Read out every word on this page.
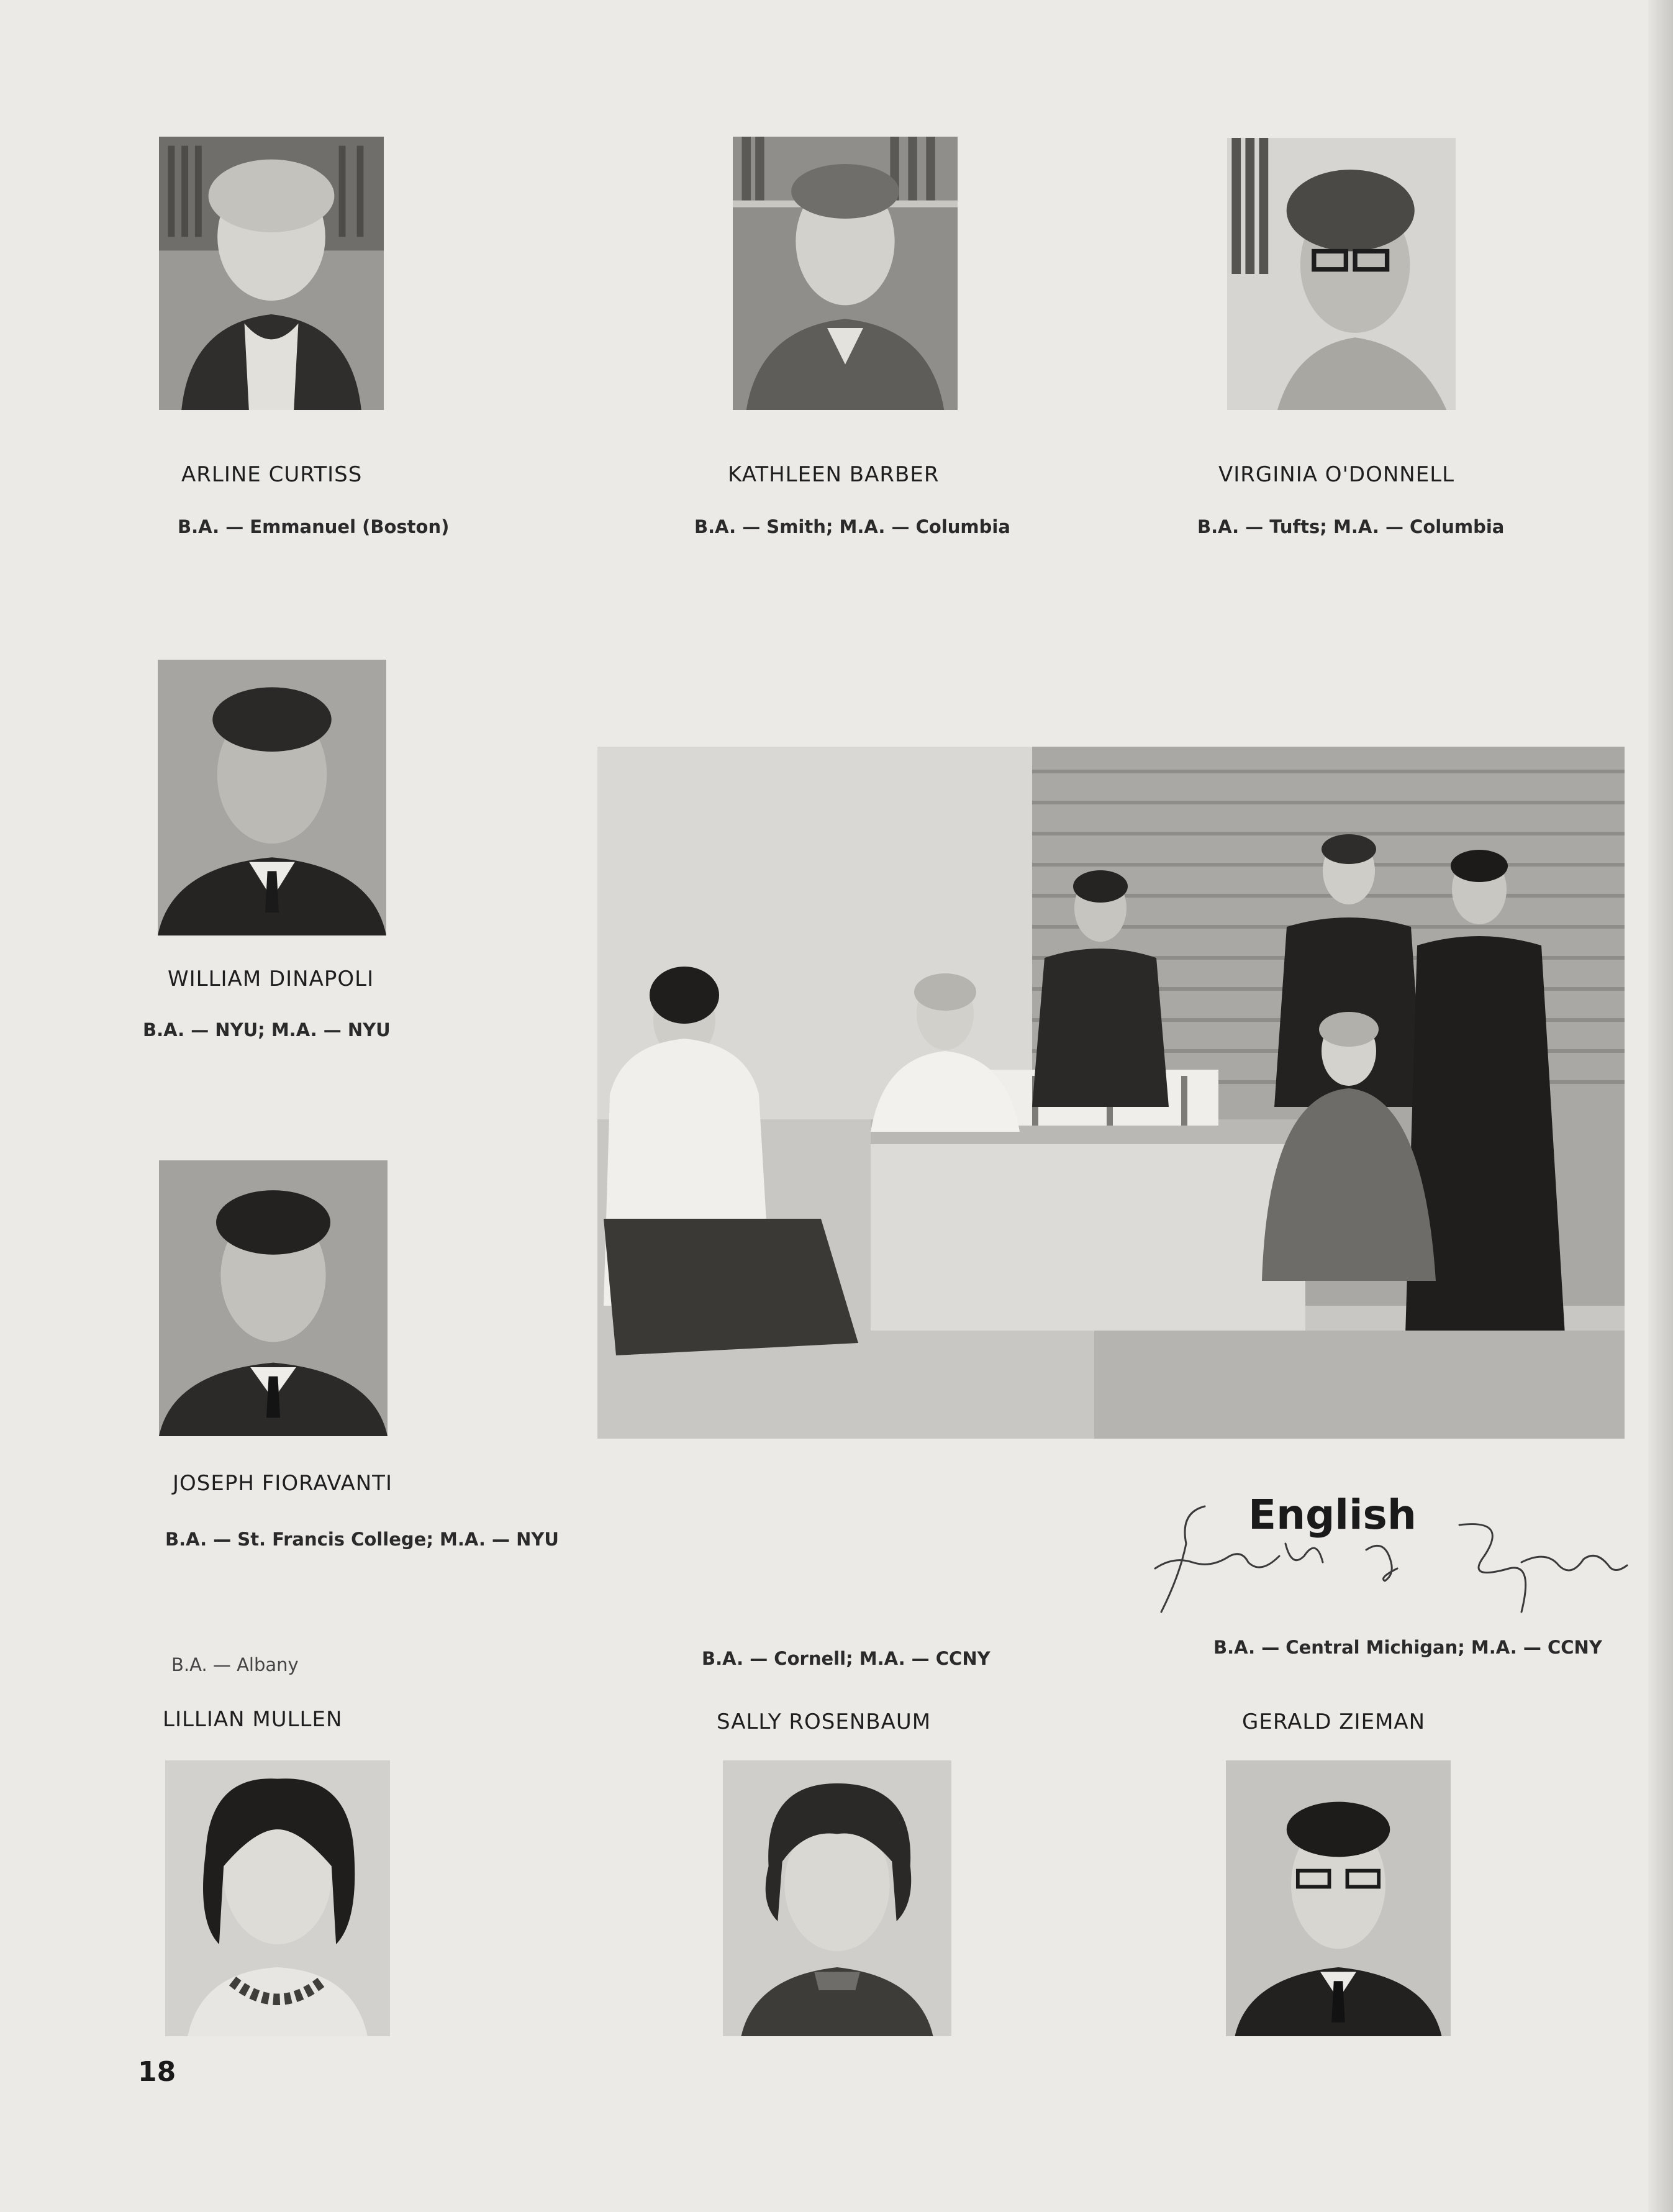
ARLINE CURTISS
B.A. — Emmanuel (Boston)
KATHLEEN BARBER
B.A. — Smith; M.A. — Columbia
VIRGINIA O'DONNELL
B.A. — Tufts; M.A. — Columbia
WILLIAM DINAPOLI
B.A. — NYU; M.A. — NYU
JOSEPH FIORAVANTI
B.A. — St. Francis College; M.A. — NYU
English
B.A. — Central Michigan; M.A. — CCNY
B.A. — Albany
LILLIAN MULLEN
B.A. — Cornell; M.A. — CCNY
SALLY ROSENBAUM	GERALD ZIEMAN
18
